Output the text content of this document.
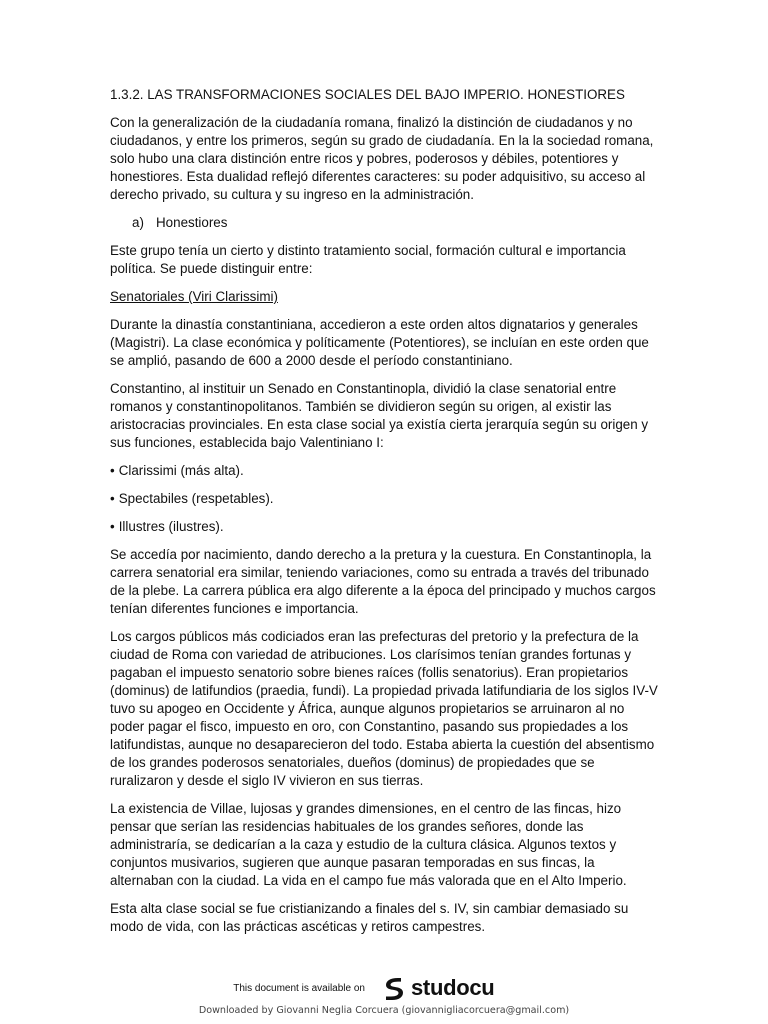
1.3.2. LAS TRANSFORMACIONES SOCIALES DEL BAJO IMPERIO. HONESTIORES

Con la generalización de la ciudadanía romana, finalizó la distinción de ciudadanos y no ciudadanos, y entre los primeros, según su grado de ciudadanía. En la la sociedad romana, solo hubo una clara distinción entre ricos y pobres, poderosos y débiles, potentiores y honestiores. Esta dualidad reflejó diferentes caracteres: su poder adquisitivo, su acceso al derecho privado, su cultura y su ingreso en la administración.

a) Honestiores

Este grupo tenía un cierto y distinto tratamiento social, formación cultural e importancia política. Se puede distinguir entre:

Senatoriales (Viri Clarissimi)

Durante la dinastía constantiniana, accedieron a este orden altos dignatarios y generales (Magistri). La clase económica y políticamente (Potentiores), se incluían en este orden que se amplió, pasando de 600 a 2000 desde el período constantiniano.

Constantino, al instituir un Senado en Constantinopla, dividió la clase senatorial entre romanos y constantinopolitanos. También se dividieron según su origen, al existir las aristocracias provinciales. En esta clase social ya existía cierta jerarquía según su origen y sus funciones, establecida bajo Valentiniano I:

• Clarissimi (más alta).

• Spectabiles (respetables).

• Illustres (ilustres).

Se accedía por nacimiento, dando derecho a la pretura y la cuestura. En Constantinopla, la carrera senatorial era similar, teniendo variaciones, como su entrada a través del tribunado de la plebe. La carrera pública era algo diferente a la época del principado y muchos cargos tenían diferentes funciones e importancia.

Los cargos públicos más codiciados eran las prefecturas del pretorio y la prefectura de la ciudad de Roma con variedad de atribuciones. Los clarísimos tenían grandes fortunas y pagaban el impuesto senatorio sobre bienes raíces (follis senatorius). Eran propietarios (dominus) de latifundios (praedia, fundi). La propiedad privada latifundiaria de los siglos IV-V tuvo su apogeo en Occidente y África, aunque algunos propietarios se arruinaron al no poder pagar el fisco, impuesto en oro, con Constantino, pasando sus propiedades a los latifundistas, aunque no desaparecieron del todo. Estaba abierta la cuestión del absentismo de los grandes poderosos senatoriales, dueños (dominus) de propiedades que se ruralizaron y desde el siglo IV vivieron en sus tierras.

La existencia de Villae, lujosas y grandes dimensiones, en el centro de las fincas, hizo pensar que serían las residencias habituales de los grandes señores, donde las administraría, se dedicarían a la caza y estudio de la cultura clásica. Algunos textos y conjuntos musivarios, sugieren que aunque pasaran temporadas en sus fincas, la alternaban con la ciudad. La vida en el campo fue más valorada que en el Alto Imperio.

Esta alta clase social se fue cristianizando a finales del s. IV, sin cambiar demasiado su modo de vida, con las prácticas ascéticas y retiros campestres.

This document is available on	studocu
Downloaded by Giovanni Neglia Corcuera (giovannigliacorcuera@gmail.com)
